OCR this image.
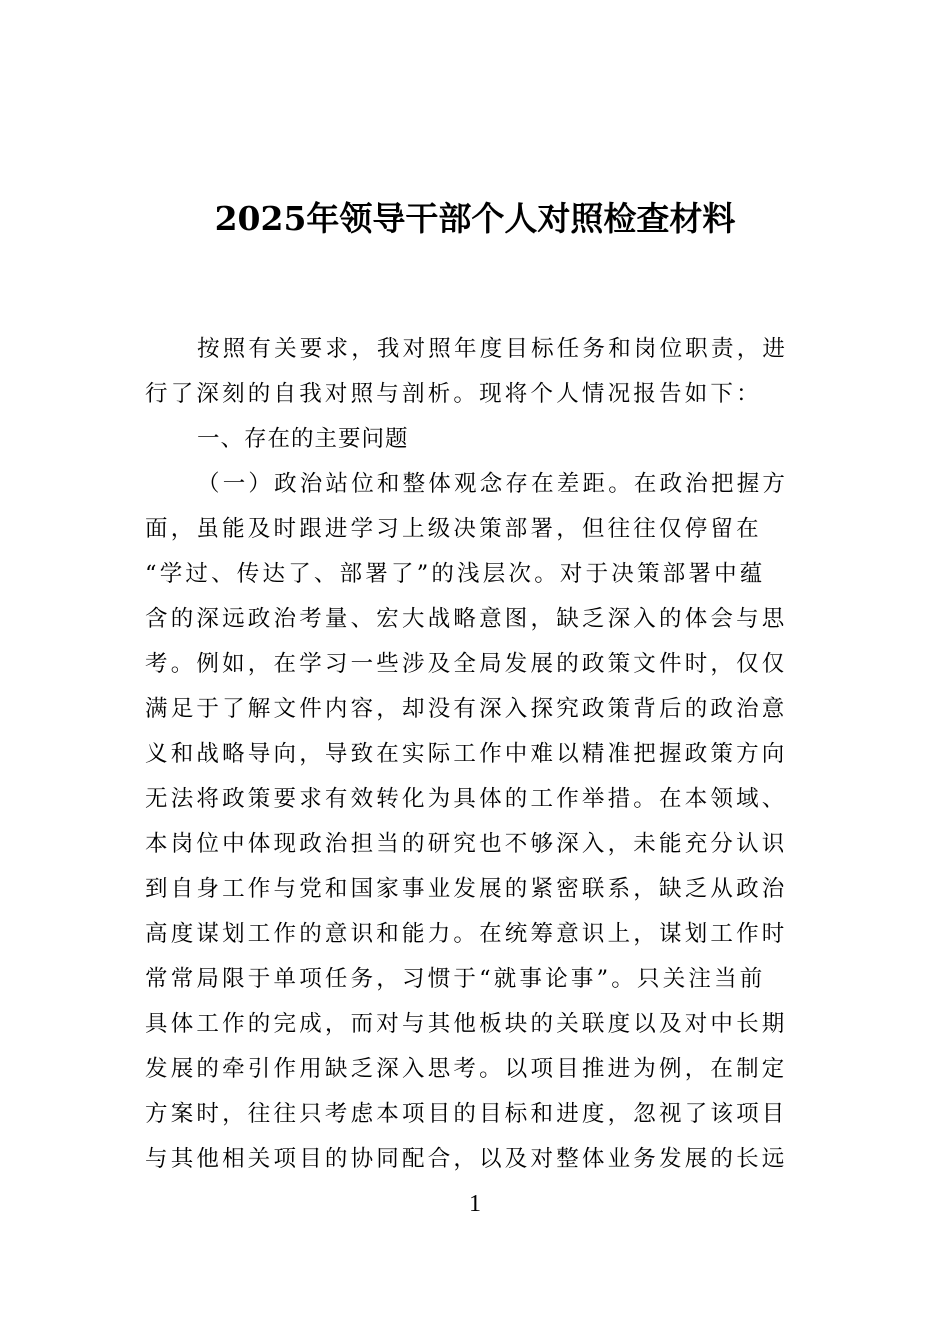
2025年领导干部个人对照检查材料
按照有关要求，我对照年度目标任务和岗位职责，进
行了深刻的自我对照与剖析。现将个人情况报告如下：
一、存在的主要问题
（一）政治站位和整体观念存在差距。在政治把握方
面，虽能及时跟进学习上级决策部署，但往往仅停留在
“学过、传达了、部署了”的浅层次。对于决策部署中蕴
含的深远政治考量、宏大战略意图，缺乏深入的体会与思
考。例如，在学习一些涉及全局发展的政策文件时，仅仅
满足于了解文件内容，却没有深入探究政策背后的政治意
义和战略导向，导致在实际工作中难以精准把握政策方向
无法将政策要求有效转化为具体的工作举措。在本领域、
本岗位中体现政治担当的研究也不够深入，未能充分认识
到自身工作与党和国家事业发展的紧密联系，缺乏从政治
高度谋划工作的意识和能力。在统筹意识上，谋划工作时
常常局限于单项任务，习惯于“就事论事”。只关注当前
具体工作的完成，而对与其他板块的关联度以及对中长期
发展的牵引作用缺乏深入思考。以项目推进为例，在制定
方案时，往往只考虑本项目的目标和进度，忽视了该项目
与其他相关项目的协同配合，以及对整体业务发展的长远
1
